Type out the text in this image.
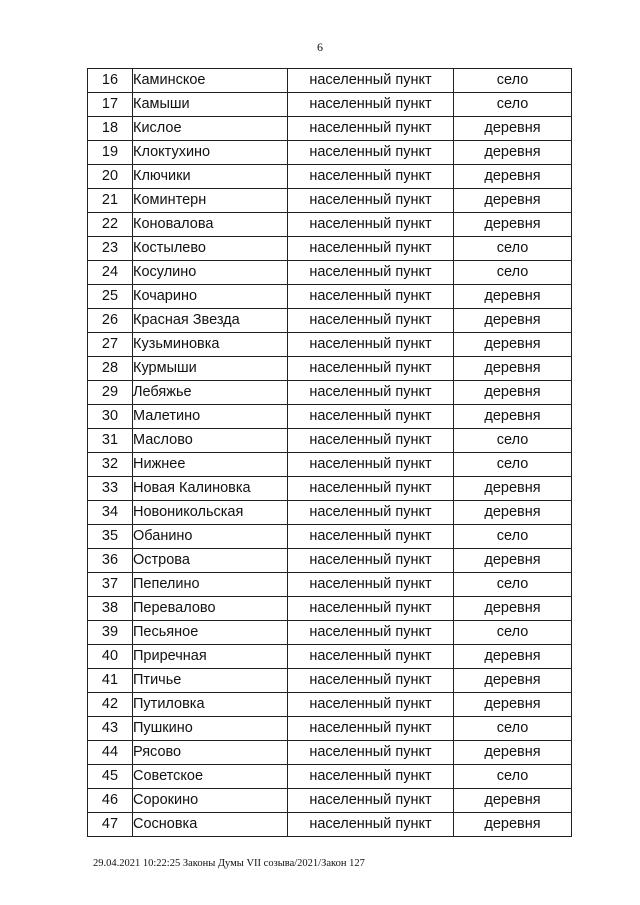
6
16	Каминское	населенный пункт	село
17	Камыши	населенный пункт	село
18	Кислое	населенный пункт	деревня
19	Клоктухино	населенный пункт	деревня
20	Ключики	населенный пункт	деревня
21	Коминтерн	населенный пункт	деревня
22	Коновалова	населенный пункт	деревня
23	Костылево	населенный пункт	село
24	Косулино	населенный пункт	село
25	Кочарино	населенный пункт	деревня
26	Красная Звезда	населенный пункт	деревня
27	Кузьминовка	населенный пункт	деревня
28	Курмыши	населенный пункт	деревня
29	Лебяжье	населенный пункт	деревня
30	Малетино	населенный пункт	деревня
31	Маслово	населенный пункт	село
32	Нижнее	населенный пункт	село
33	Новая Калиновка	населенный пункт	деревня
34	Новоникольская	населенный пункт	деревня
35	Обанино	населенный пункт	село
36	Острова	населенный пункт	деревня
37	Пепелино	населенный пункт	село
38	Перевалово	населенный пункт	деревня
39	Песьяное	населенный пункт	село
40	Приречная	населенный пункт	деревня
41	Птичье	населенный пункт	деревня
42	Путиловка	населенный пункт	деревня
43	Пушкино	населенный пункт	село
44	Рясово	населенный пункт	деревня
45	Советское	населенный пункт	село
46	Сорокино	населенный пункт	деревня
47	Сосновка	населенный пункт	деревня
29.04.2021 10:22:25 Законы Думы VII созыва/2021/Закон 127
